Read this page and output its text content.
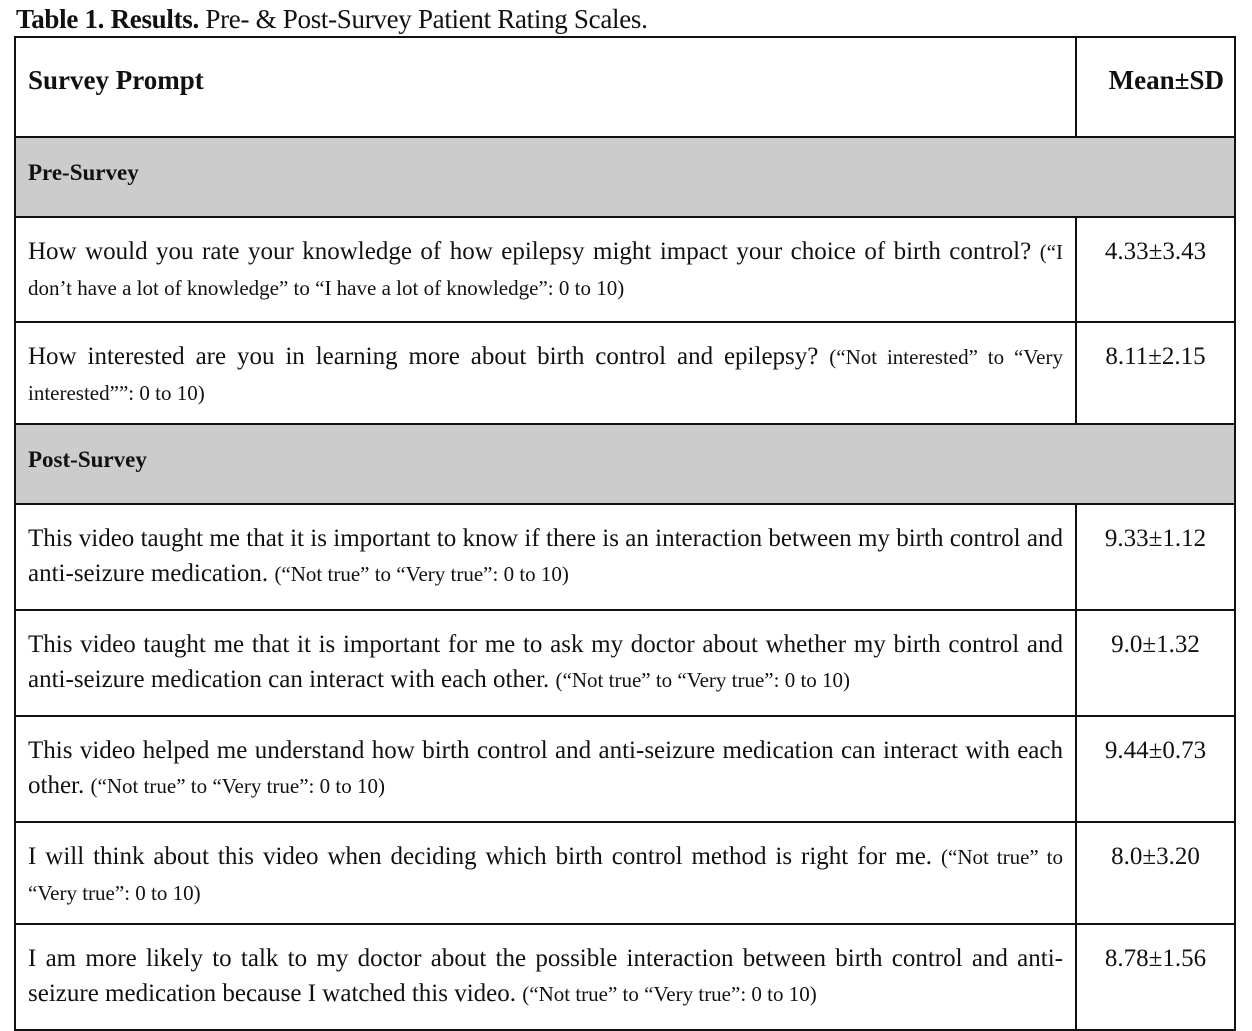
Table 1. Results. Pre- & Post-Survey Patient Rating Scales.
Survey Prompt	Mean±SD
Pre-Survey	
How would you rate your knowledge of how epilepsy might impact your choice of birth control? (“I don’t have a lot of knowledge” to “I have a lot of knowledge”: 0 to 10)	4.33±3.43
How interested are you in learning more about birth control and epilepsy? (“Not interested” to “Very interested””: 0 to 10)	8.11±2.15
Post-Survey	
This video taught me that it is important to know if there is an interaction between my birth control and anti-seizure medication. (“Not true” to “Very true”: 0 to 10)	9.33±1.12
This video taught me that it is important for me to ask my doctor about whether my birth control and anti-seizure medication can interact with each other. (“Not true” to “Very true”: 0 to 10)	9.0±1.32
This video helped me understand how birth control and anti-seizure medication can interact with each other. (“Not true” to “Very true”: 0 to 10)	9.44±0.73
I will think about this video when deciding which birth control method is right for me. (“Not true” to “Very true”: 0 to 10)	8.0±3.20
I am more likely to talk to my doctor about the possible interaction between birth control and anti-seizure medication because I watched this video. (“Not true” to “Very true”: 0 to 10)	8.78±1.56
